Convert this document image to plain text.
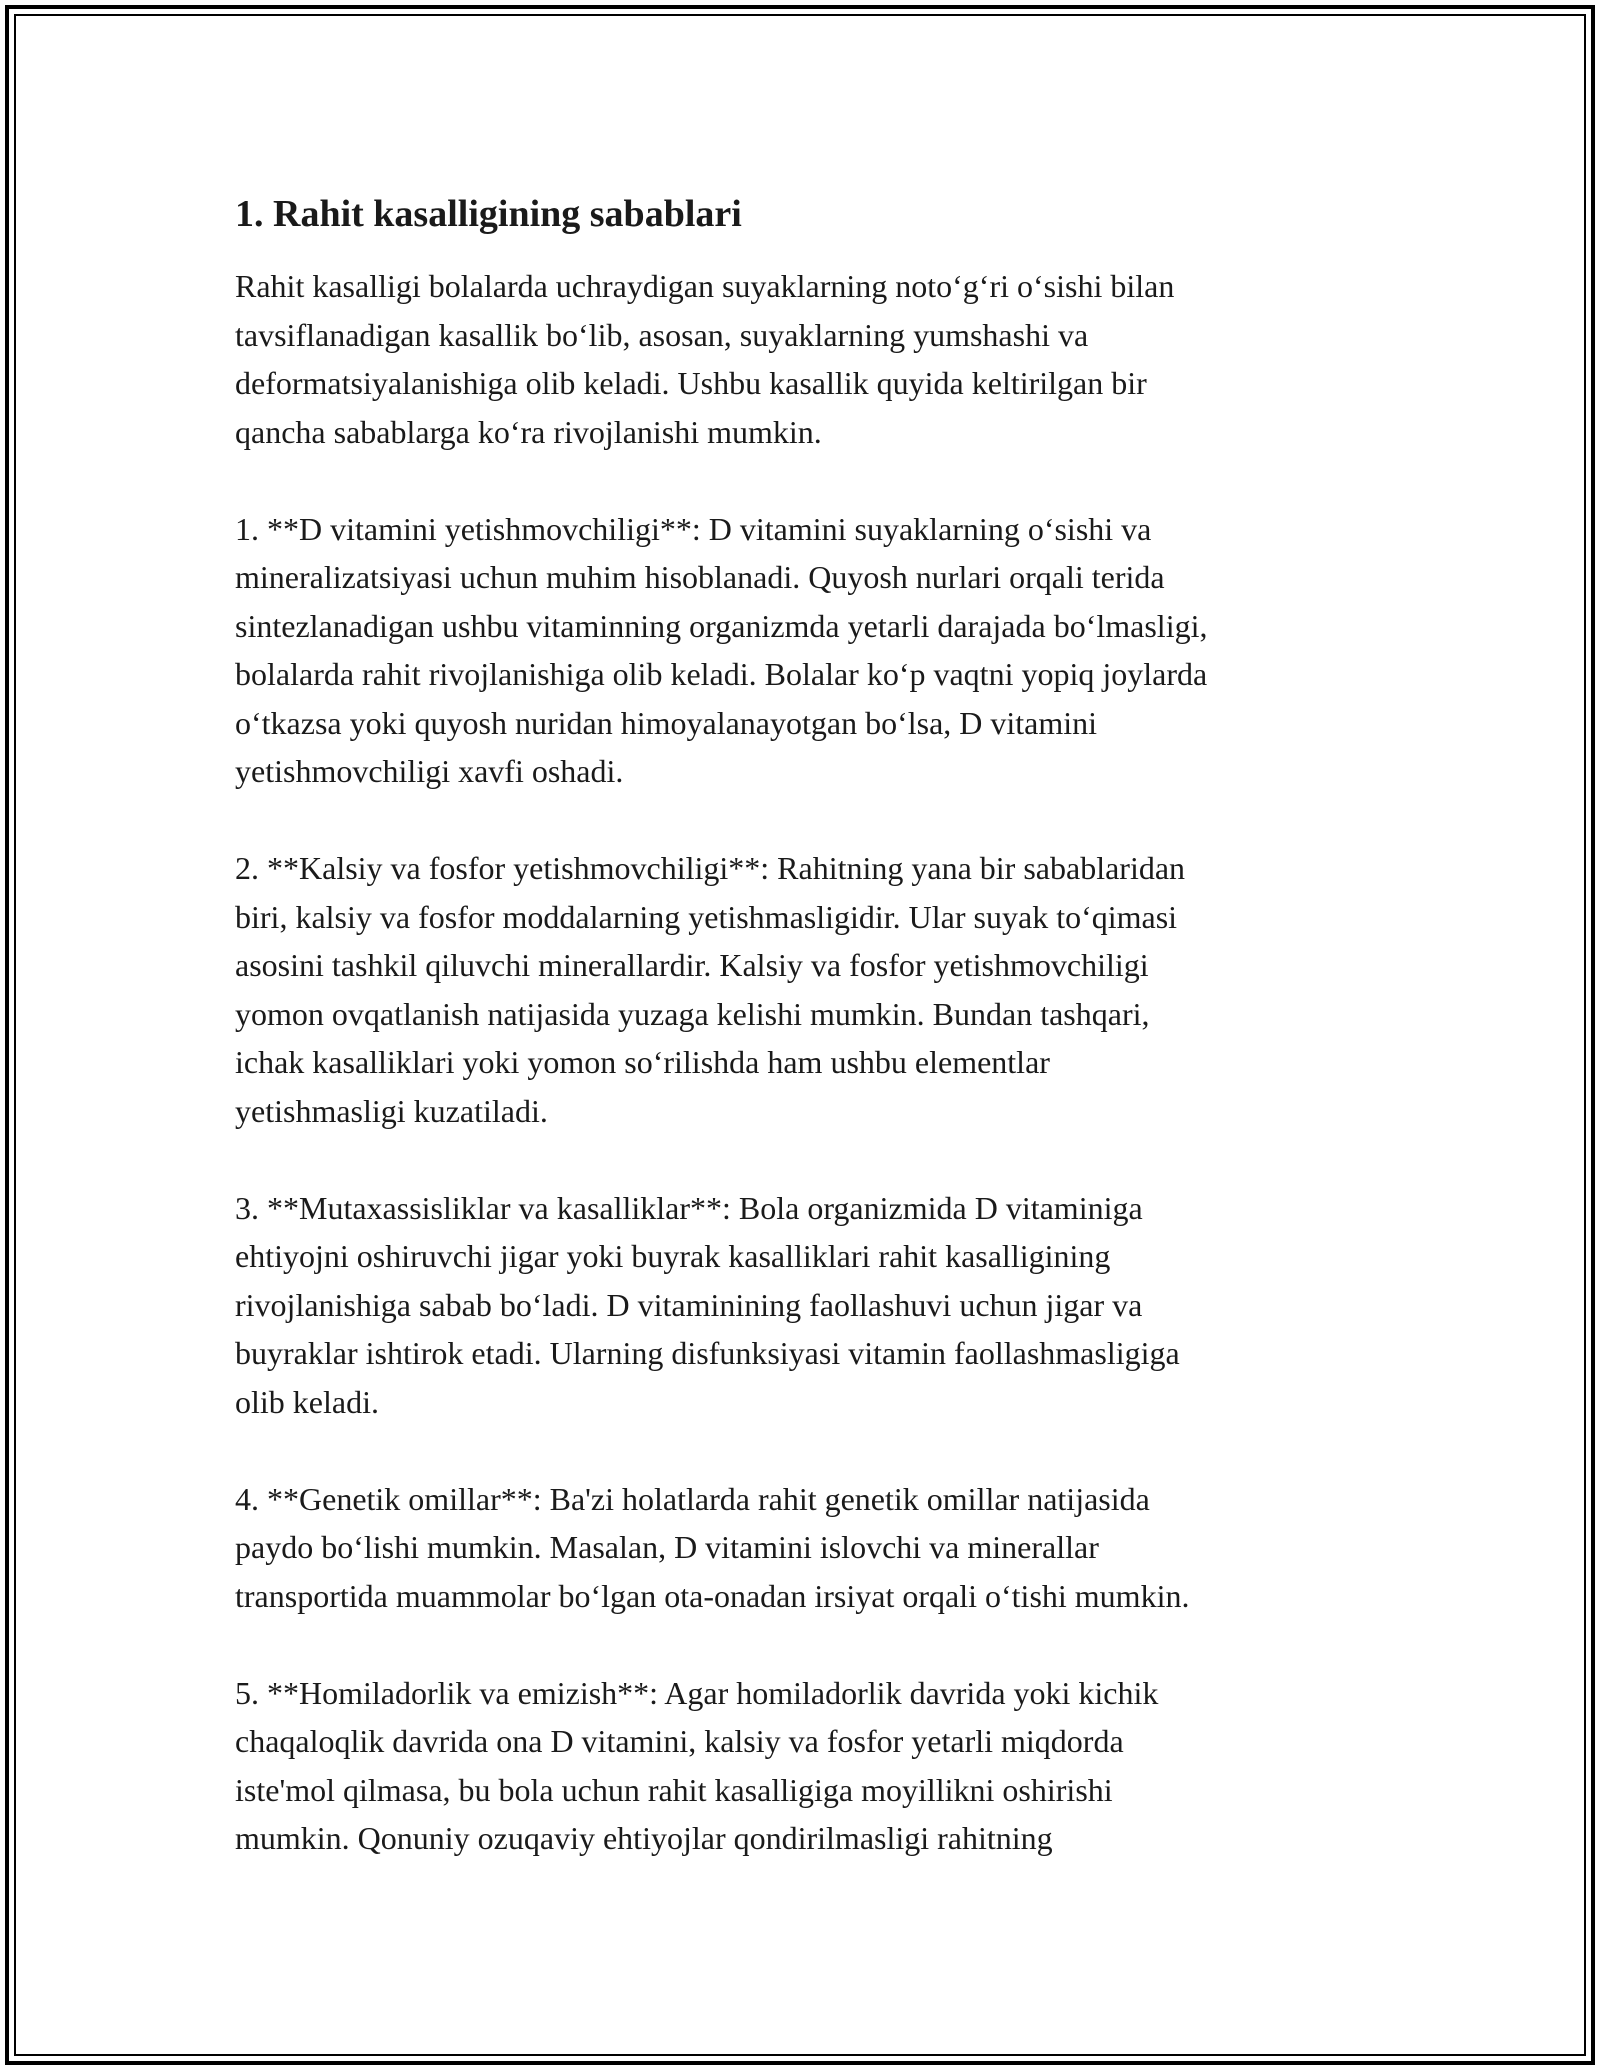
1. Rahit kasalligining sabablari

Rahit kasalligi bolalarda uchraydigan suyaklarning noto‘g‘ri o‘sishi bilan
tavsiflanadigan kasallik bo‘lib, asosan, suyaklarning yumshashi va
deformatsiyalanishiga olib keladi. Ushbu kasallik quyida keltirilgan bir
qancha sabablarga ko‘ra rivojlanishi mumkin.

1. **D vitamini yetishmovchiligi**: D vitamini suyaklarning o‘sishi va
mineralizatsiyasi uchun muhim hisoblanadi. Quyosh nurlari orqali terida
sintezlanadigan ushbu vitaminning organizmda yetarli darajada bo‘lmasligi,
bolalarda rahit rivojlanishiga olib keladi. Bolalar ko‘p vaqtni yopiq joylarda
o‘tkazsa yoki quyosh nuridan himoyalanayotgan bo‘lsa, D vitamini
yetishmovchiligi xavfi oshadi.

2. **Kalsiy va fosfor yetishmovchiligi**: Rahitning yana bir sabablaridan
biri, kalsiy va fosfor moddalarning yetishmasligidir. Ular suyak to‘qimasi
asosini tashkil qiluvchi minerallardir. Kalsiy va fosfor yetishmovchiligi
yomon ovqatlanish natijasida yuzaga kelishi mumkin. Bundan tashqari,
ichak kasalliklari yoki yomon so‘rilishda ham ushbu elementlar
yetishmasligi kuzatiladi.

3. **Mutaxassisliklar va kasalliklar**: Bola organizmida D vitaminiga
ehtiyojni oshiruvchi jigar yoki buyrak kasalliklari rahit kasalligining
rivojlanishiga sabab bo‘ladi. D vitaminining faollashuvi uchun jigar va
buyraklar ishtirok etadi. Ularning disfunksiyasi vitamin faollashmasligiga
olib keladi.

4. **Genetik omillar**: Ba'zi holatlarda rahit genetik omillar natijasida
paydo bo‘lishi mumkin. Masalan, D vitamini islovchi va minerallar
transportida muammolar bo‘lgan ota-onadan irsiyat orqali o‘tishi mumkin.

5. **Homiladorlik va emizish**: Agar homiladorlik davrida yoki kichik
chaqaloqlik davrida ona D vitamini, kalsiy va fosfor yetarli miqdorda
iste'mol qilmasa, bu bola uchun rahit kasalligiga moyillikni oshirishi
mumkin. Qonuniy ozuqaviy ehtiyojlar qondirilmasligi rahitning
